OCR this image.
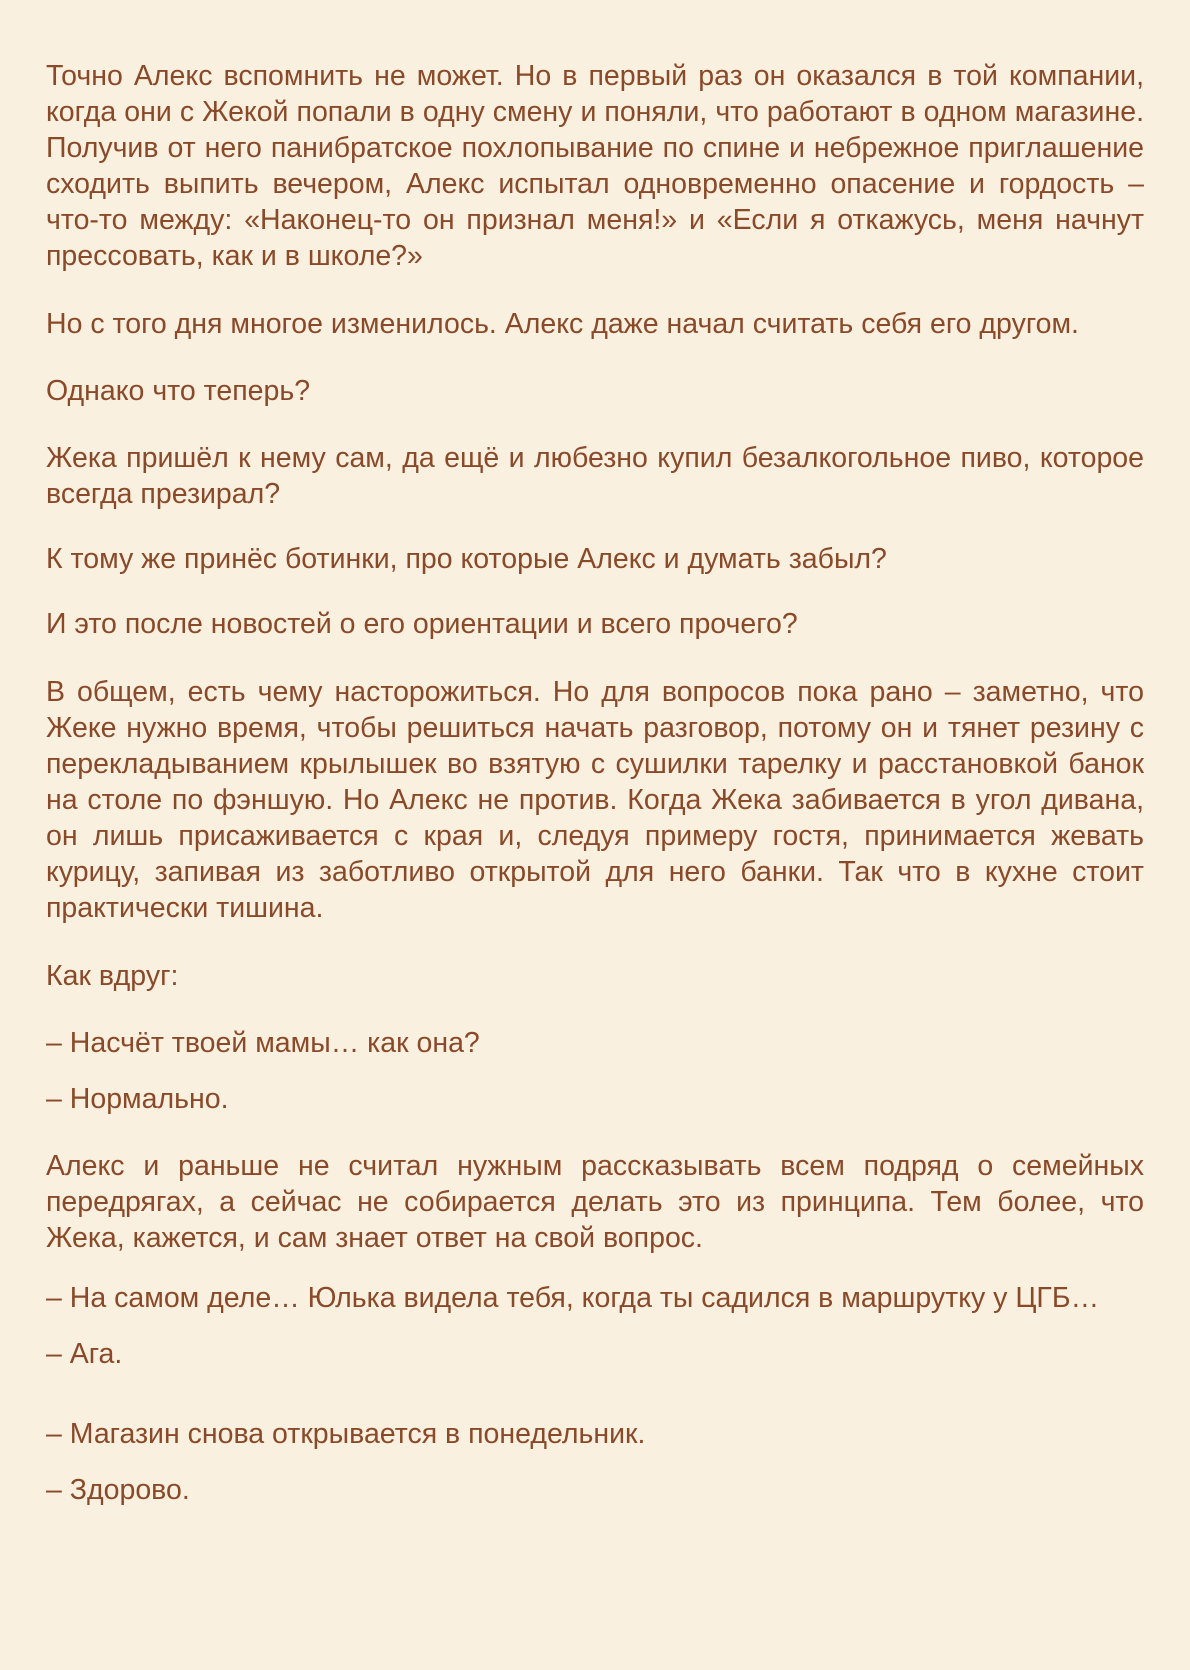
Точно Алекс вспомнить не может. Но в первый раз он оказался в той компании, когда они с Жекой попали в одну смену и поняли, что работают в одном магазине. Получив от него панибратское похлопывание по спине и небрежное приглашение сходить выпить вечером, Алекс испытал одновременно опасение и гордость – что-то между: «Наконец-то он признал меня!» и «Если я откажусь, меня начнут прессовать, как и в школе?»

Но с того дня многое изменилось. Алекс даже начал считать себя его другом.

Однако что теперь?

Жека пришёл к нему сам, да ещё и любезно купил безалкогольное пиво, которое всегда презирал?

К тому же принёс ботинки, про которые Алекс и думать забыл?

И это после новостей о его ориентации и всего прочего?

В общем, есть чему насторожиться. Но для вопросов пока рано – заметно, что Жеке нужно время, чтобы решиться начать разговор, потому он и тянет резину с перекладыванием крылышек во взятую с сушилки тарелку и расстановкой банок на столе по фэншую. Но Алекс не против. Когда Жека забивается в угол дивана, он лишь присаживается с края и, следуя примеру гостя, принимается жевать курицу, запивая из заботливо открытой для него банки. Так что в кухне стоит практически тишина.

Как вдруг:

– Насчёт твоей мамы… как она?

– Нормально.

Алекс и раньше не считал нужным рассказывать всем подряд о семейных передрягах, а сейчас не собирается делать это из принципа. Тем более, что Жека, кажется, и сам знает ответ на свой вопрос.

– На самом деле… Юлька видела тебя, когда ты садился в маршрутку у ЦГБ…

– Ага.

– Магазин снова открывается в понедельник.

– Здорово.
